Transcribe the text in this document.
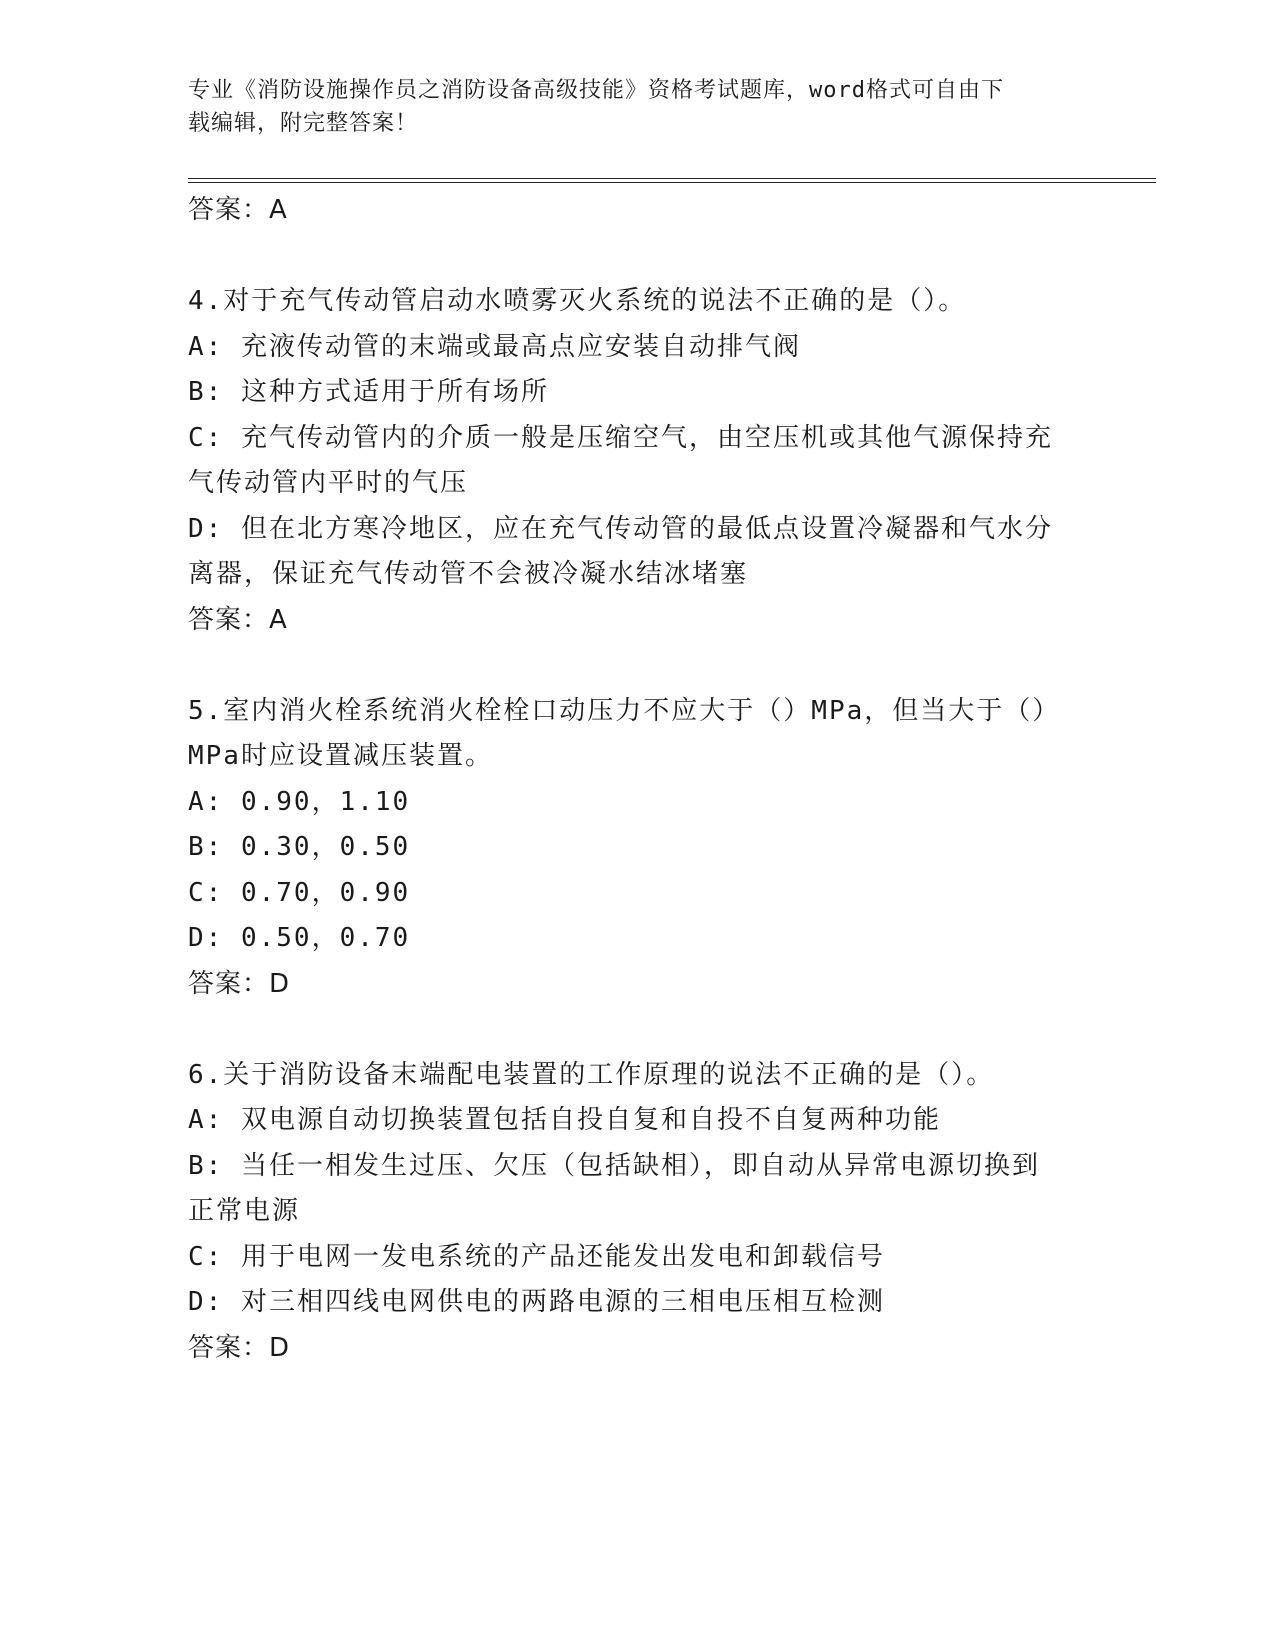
专业《消防设施操作员之消防设备高级技能》资格考试题库，word格式可自由下
载编辑，附完整答案！
答案：A
4.对于充气传动管启动水喷雾灭火系统的说法不正确的是（）。
A: 充液传动管的末端或最高点应安装自动排气阀
B: 这种方式适用于所有场所
C: 充气传动管内的介质一般是压缩空气，由空压机或其他气源保持充
气传动管内平时的气压
D: 但在北方寒冷地区，应在充气传动管的最低点设置冷凝器和气水分
离器，保证充气传动管不会被冷凝水结冰堵塞
答案：A
5.室内消火栓系统消火栓栓口动压力不应大于（）MPa，但当大于（）
MPa时应设置减压装置。
A: 0.90，1.10
B: 0.30，0.50
C: 0.70，0.90
D: 0.50，0.70
答案：D
6.关于消防设备末端配电装置的工作原理的说法不正确的是（）。
A: 双电源自动切换装置包括自投自复和自投不自复两种功能
B: 当任一相发生过压、欠压（包括缺相），即自动从异常电源切换到
正常电源
C: 用于电网一发电系统的产品还能发出发电和卸载信号
D: 对三相四线电网供电的两路电源的三相电压相互检测
答案：D
